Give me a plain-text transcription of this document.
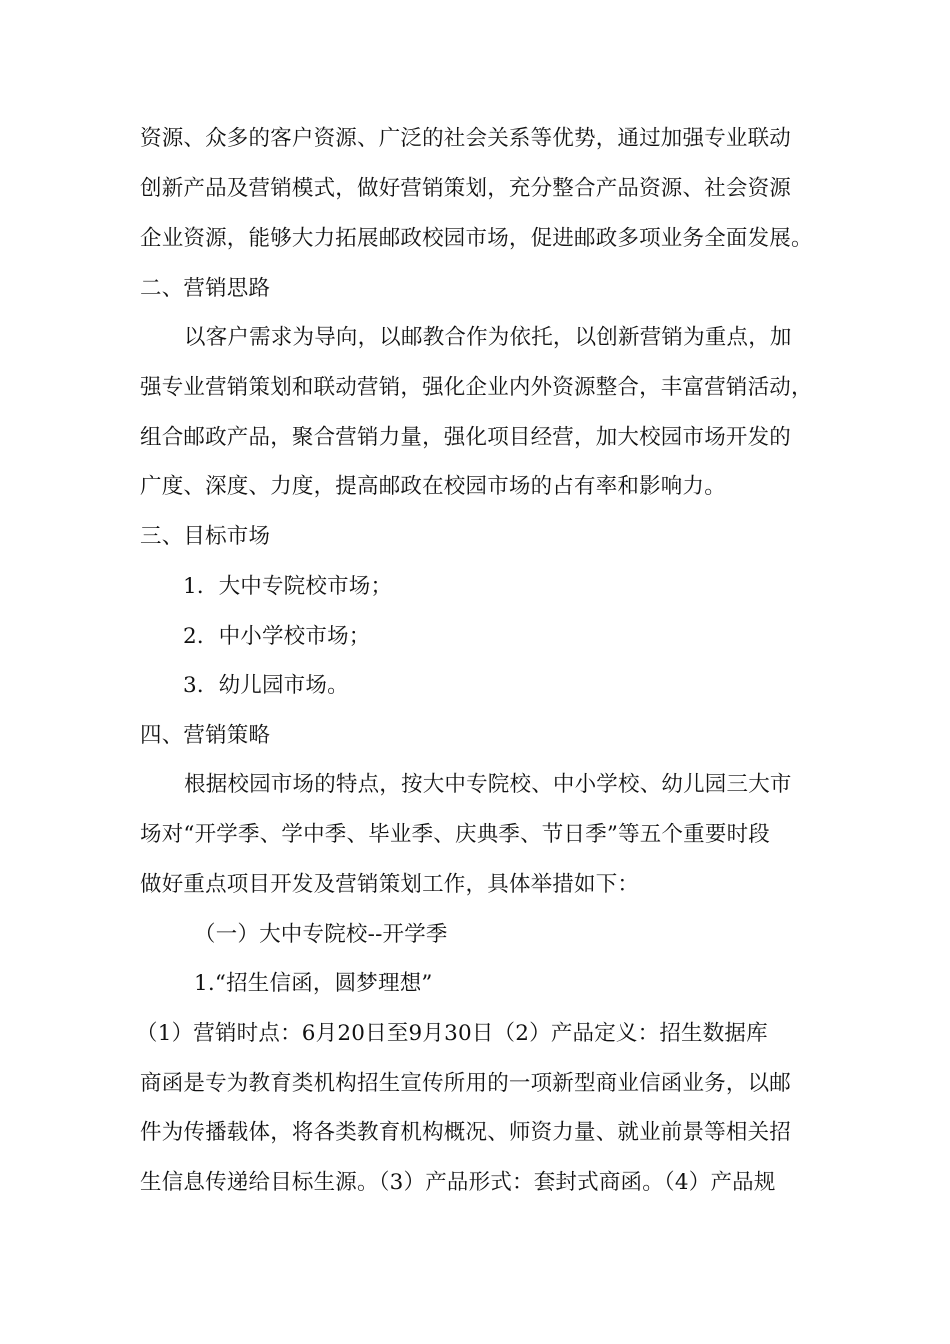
资源、众多的客户资源、广泛的社会关系等优势，通过加强专业联动
创新产品及营销模式，做好营销策划，充分整合产品资源、社会资源
企业资源，能够大力拓展邮政校园市场，促进邮政多项业务全面发展。
二、营销思路
以客户需求为导向，以邮教合作为依托，以创新营销为重点，加
强专业营销策划和联动营销，强化企业内外资源整合，丰富营销活动，
组合邮政产品，聚合营销力量，强化项目经营，加大校园市场开发的
广度、深度、力度，提高邮政在校园市场的占有率和影响力。
三、目标市场
1．大中专院校市场；
2．中小学校市场；
3．幼儿园市场。
四、营销策略
根据校园市场的特点，按大中专院校、中小学校、幼儿园三大市
场对“开学季、学中季、毕业季、庆典季、节日季”等五个重要时段
做好重点项目开发及营销策划工作，具体举措如下：
（一）大中专院校--开学季
1.“招生信函，圆梦理想”
（1）营销时点：6月20日至9月30日（2）产品定义：招生数据库
商函是专为教育类机构招生宣传所用的一项新型商业信函业务，以邮
件为传播载体，将各类教育机构概况、师资力量、就业前景等相关招
生信息传递给目标生源。（3）产品形式：套封式商函。（4）产品规
